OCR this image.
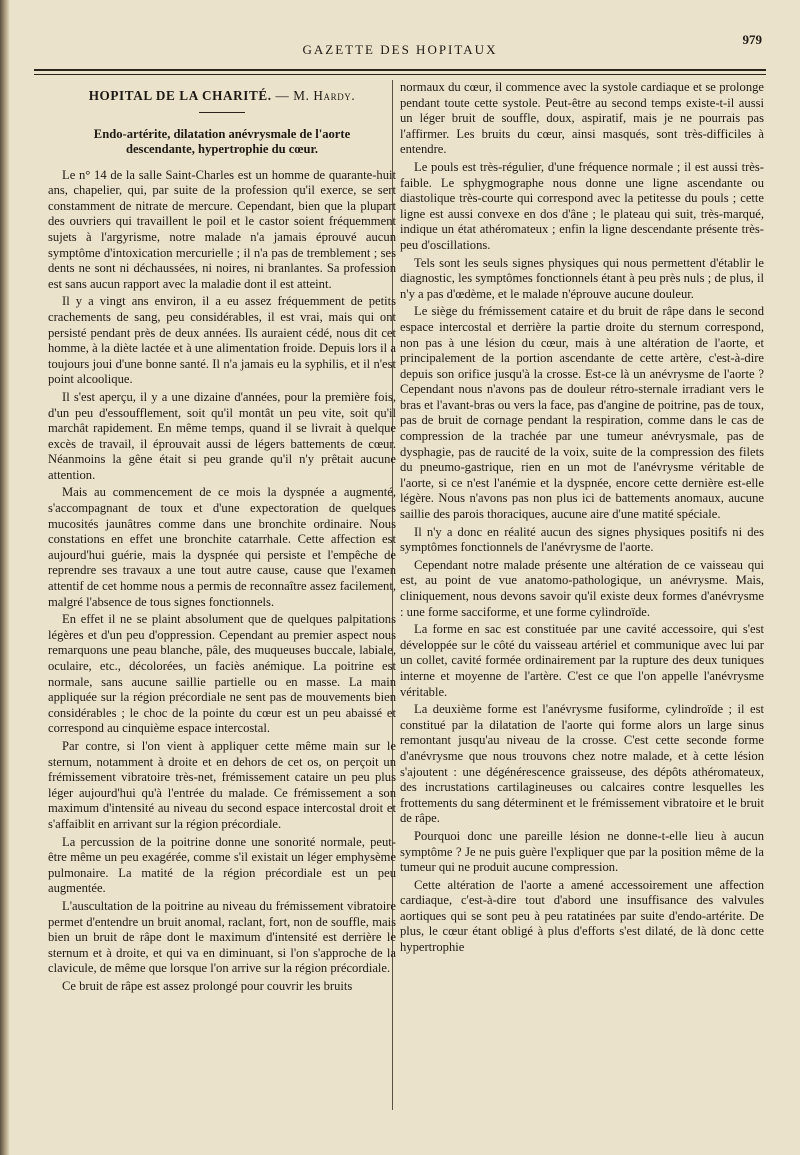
GAZETTE DES HOPITAUX
979
HOPITAL DE LA CHARITÉ. — M. Hardy.
Endo-artérite, dilatation anévrysmale de l'aorte
descendante, hypertrophie du cœur.

Le n° 14 de la salle Saint-Charles est un homme de quarante-huit ans, chapelier, qui, par suite de la profession qu'il exerce, se sert constamment de nitrate de mercure. Cependant, bien que la plupart des ouvriers qui travaillent le poil et le castor soient fréquemment sujets à l'argyrisme, notre malade n'a jamais éprouvé aucun symptôme d'intoxication mercurielle ; il n'a pas de tremblement ; ses dents ne sont ni déchaussées, ni noires, ni branlantes. Sa profession est sans aucun rapport avec la maladie dont il est atteint.

Il y a vingt ans environ, il a eu assez fréquemment de petits crachements de sang, peu considérables, il est vrai, mais qui ont persisté pendant près de deux années. Ils auraient cédé, nous dit cet homme, à la diète lactée et à une alimentation froide. Depuis lors il a toujours joui d'une bonne santé. Il n'a jamais eu la syphilis, et il n'est point alcoolique.

Il s'est aperçu, il y a une dizaine d'années, pour la première fois, d'un peu d'essoufflement, soit qu'il montât un peu vite, soit qu'il marchât rapidement. En même temps, quand il se livrait à quelque excès de travail, il éprouvait aussi de légers battements de cœur. Néanmoins la gêne était si peu grande qu'il n'y prêtait aucune attention.

Mais au commencement de ce mois la dyspnée a augmenté, s'accompagnant de toux et d'une expectoration de quelques mucosités jaunâtres comme dans une bronchite ordinaire. Nous constations en effet une bronchite catarrhale. Cette affection est aujourd'hui guérie, mais la dyspnée qui persiste et l'empêche de reprendre ses travaux a une tout autre cause, cause que l'examen attentif de cet homme nous a permis de reconnaître assez facilement, malgré l'absence de tous signes fonctionnels.

En effet il ne se plaint absolument que de quelques palpitations légères et d'un peu d'oppression. Cependant au premier aspect nous remarquons une peau blanche, pâle, des muqueuses buccale, labiale, oculaire, etc., décolorées, un faciès anémique. La poitrine est normale, sans aucune saillie partielle ou en masse. La main appliquée sur la région précordiale ne sent pas de mouvements bien considérables ; le choc de la pointe du cœur est un peu abaissé et correspond au cinquième espace intercostal.

Par contre, si l'on vient à appliquer cette même main sur le sternum, notamment à droite et en dehors de cet os, on perçoit un frémissement vibratoire très-net, frémissement cataire un peu plus léger aujourd'hui qu'à l'entrée du malade. Ce frémissement a son maximum d'intensité au niveau du second espace intercostal droit et s'affaiblit en arrivant sur la région précordiale.

La percussion de la poitrine donne une sonorité normale, peut-être même un peu exagérée, comme s'il existait un léger emphysème pulmonaire. La matité de la région précordiale est un peu augmentée.

L'auscultation de la poitrine au niveau du frémissement vibratoire permet d'entendre un bruit anomal, raclant, fort, non de souffle, mais bien un bruit de râpe dont le maximum d'intensité est derrière le sternum et à droite, et qui va en diminuant, si l'on s'approche de la clavicule, de même que lorsque l'on arrive sur la région précordiale.

Ce bruit de râpe est assez prolongé pour couvrir les bruits

normaux du cœur, il commence avec la systole cardiaque et se prolonge pendant toute cette systole. Peut-être au second temps existe-t-il aussi un léger bruit de souffle, doux, aspiratif, mais je ne pourrais pas l'affirmer. Les bruits du cœur, ainsi masqués, sont très-difficiles à entendre.

Le pouls est très-régulier, d'une fréquence normale ; il est aussi très-faible. Le sphygmographe nous donne une ligne ascendante ou diastolique très-courte qui correspond avec la petitesse du pouls ; cette ligne est aussi convexe en dos d'âne ; le plateau qui suit, très-marqué, indique un état athéromateux ; enfin la ligne descendante présente très-peu d'oscillations.

Tels sont les seuls signes physiques qui nous permettent d'établir le diagnostic, les symptômes fonctionnels étant à peu près nuls ; de plus, il n'y a pas d'œdème, et le malade n'éprouve aucune douleur.

Le siège du frémissement cataire et du bruit de râpe dans le second espace intercostal et derrière la partie droite du sternum correspond, non pas à une lésion du cœur, mais à une altération de l'aorte, et principalement de la portion ascendante de cette artère, c'est-à-dire depuis son orifice jusqu'à la crosse. Est-ce là un anévrysme de l'aorte ? Cependant nous n'avons pas de douleur rétro-sternale irradiant vers le bras et l'avant-bras ou vers la face, pas d'angine de poitrine, pas de toux, pas de bruit de cornage pendant la respiration, comme dans le cas de compression de la trachée par une tumeur anévrysmale, pas de dysphagie, pas de raucité de la voix, suite de la compression des filets du pneumo-gastrique, rien en un mot de l'anévrysme véritable de l'aorte, si ce n'est l'anémie et la dyspnée, encore cette dernière est-elle légère. Nous n'avons pas non plus ici de battements anomaux, aucune saillie des parois thoraciques, aucune aire d'une matité spéciale.

Il n'y a donc en réalité aucun des signes physiques positifs ni des symptômes fonctionnels de l'anévrysme de l'aorte.

Cependant notre malade présente une altération de ce vaisseau qui est, au point de vue anatomo-pathologique, un anévrysme. Mais, cliniquement, nous devons savoir qu'il existe deux formes d'anévrysme : une forme sacciforme, et une forme cylindroïde.

La forme en sac est constituée par une cavité accessoire, qui s'est développée sur le côté du vaisseau artériel et communique avec lui par un collet, cavité formée ordinairement par la rupture des deux tuniques interne et moyenne de l'artère. C'est ce que l'on appelle l'anévrysme véritable.

La deuxième forme est l'anévrysme fusiforme, cylindroïde ; il est constitué par la dilatation de l'aorte qui forme alors un large sinus remontant jusqu'au niveau de la crosse. C'est cette seconde forme d'anévrysme que nous trouvons chez notre malade, et à cette lésion s'ajoutent : une dégénérescence graisseuse, des dépôts athéromateux, des incrustations cartilagineuses ou calcaires contre lesquelles les frottements du sang déterminent et le frémissement vibratoire et le bruit de râpe.

Pourquoi donc une pareille lésion ne donne-t-elle lieu à aucun symptôme ? Je ne puis guère l'expliquer que par la position même de la tumeur qui ne produit aucune compression.

Cette altération de l'aorte a amené accessoirement une affection cardiaque, c'est-à-dire tout d'abord une insuffisance des valvules aortiques qui se sont peu à peu ratatinées par suite d'endo-artérite. De plus, le cœur étant obligé à plus d'efforts s'est dilaté, de là donc cette hypertrophie
